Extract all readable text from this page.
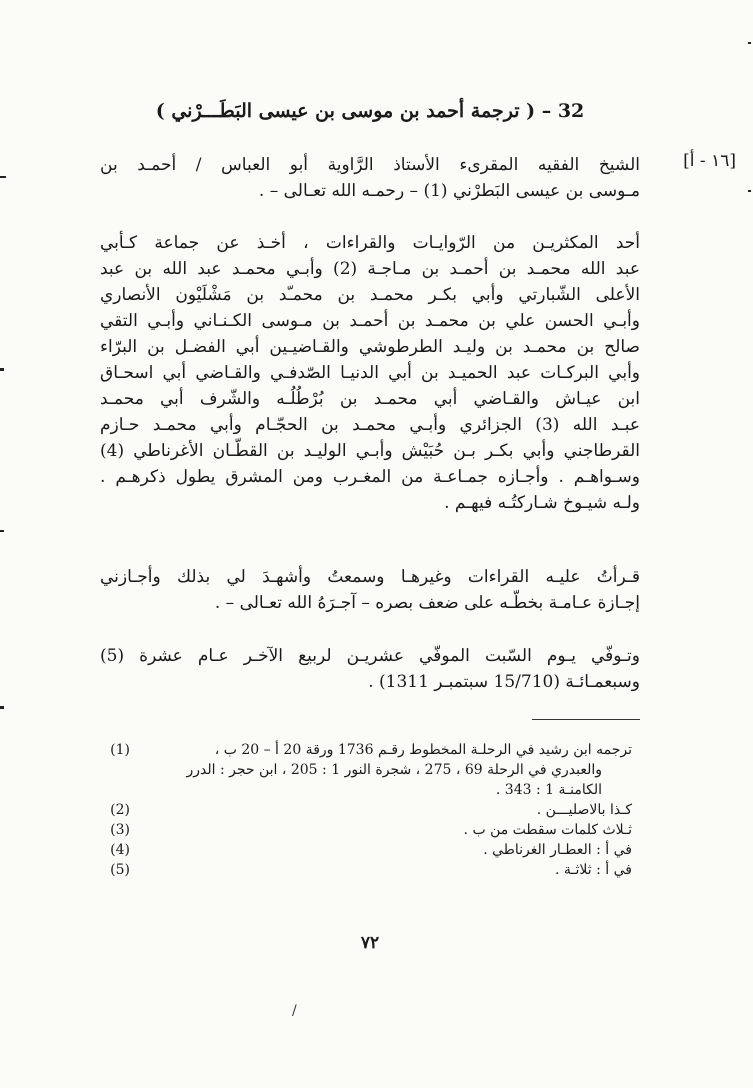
32 – ( ترجمة أحمد بن موسى بن عيسى البَطَـــرْني )
[١٦ - أ]
الشيخ الفقيه المقرىء الأستاذ الرَّاوية أبو العباس / أحمـد بن
مـوسى بن عيسى البَطرْني (1) – رحمـه الله تعـالى – .
أحد المكثريـن من الرّوايـات والقراءات ، أخـذ عن جماعة كـأبي
عبد الله محمـد بن أحمـد بن مـاجـة (2) وأبـي محمـد عبد الله بن عبد
الأعلى الشّبارتي وأبي بكـر محمـد بن محمـّد بن مَشْلَيْون الأنصاري
وأبـي الحسن علي بن محمـد بن أحمـد بن مـوسى الكـنـاني وأبـي التقي
صالح بن محمـد بن وليـد الطرطوشي والقـاضيـين أبي الفضـل بن البرّاء
وأبي البركـات عبد الحميـد بن أبي الدنيـا الصّدفـي والقـاضي أبي اسحـاق
ابن عيـاش والقـاضي أبي محمـد بن بُرْطُلُـه والشّرف أبي محمـد
عبـد الله (3) الجزائري وأبـي محمـد بن الحجّـام وأبي محمـد حـازم
القرطاجني وأبي بكـر بـن حُبَيْش وأبـي الوليـد بن القطّـان الأغرناطي (4)
وسـواهـم . وأجـازه جمـاعـة من المغـرب ومن المشرق يطول ذكرهـم .
ولـه شيـوخ شـاركتُـه فيهـم .
قـرأتُ عليـه القراءات وغيرهـا وسمعتُ وأشهـدَ لي بذلك وأجـازني
إجـازة عـامـة بخطّـه على ضعف بصره – آجـرَهُ الله تعـالى – .
وتـوفّي يـوم السّبت الموفّي عشريـن لربيع الآخـر عـام عشرة (5)
وسبعمـائـة (15/710 سبتمبـر 1311) .
(1)	ترجمه ابن رشيد في الرحلـة المخطوط رقـم 1736 ورقة 20 أ – 20 ب ،
والعبدري في الرحلة 69 ، 275 ، شجرة النور 1 : 205 ، ابن حجر : الدرر
الكامنـة 1 : 343 .
(2)	كـذا بالاصليـــن .
(3)	ثـلاث كلمات سقطت من ب .
(4)	في أ : العطـار الغرناطي .
(5)	في أ : ثلاثـة .
٧٢
/
